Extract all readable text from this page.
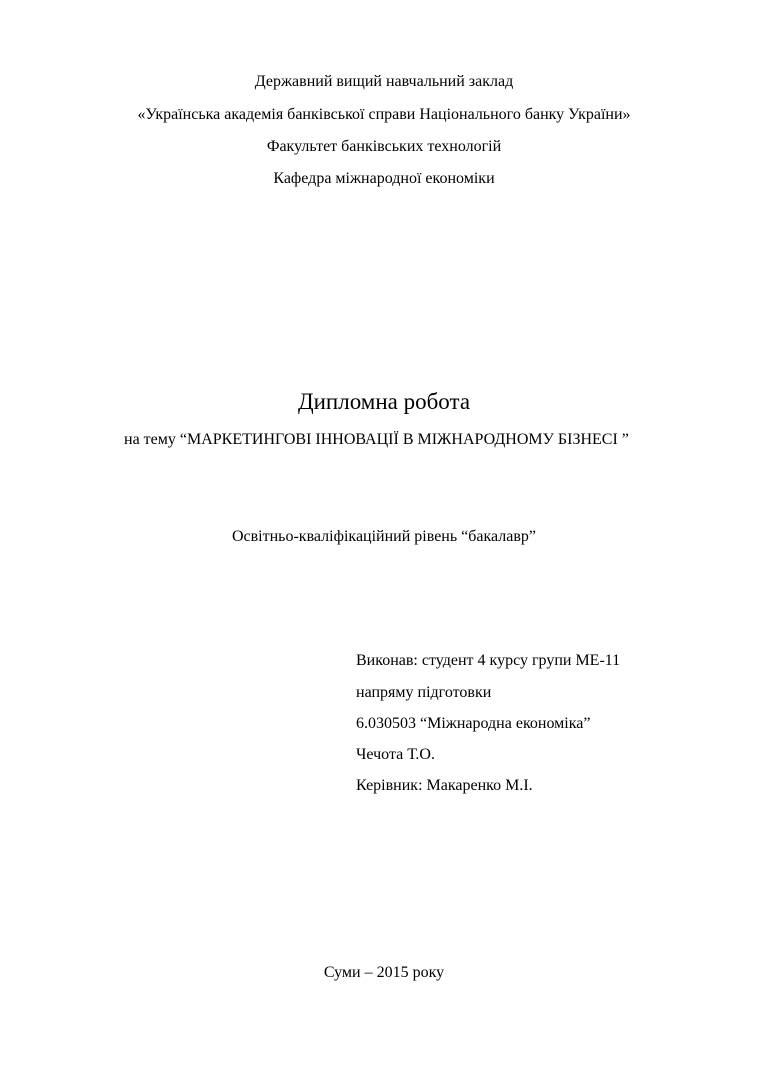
Державний вищий навчальний заклад
«Українська академія банківської справи Національного банку України»
Факультет банківських технологій
Кафедра міжнародної економіки
Дипломна робота
на тему “МАРКЕТИНГОВІ ІННОВАЦІЇ В МІЖНАРОДНОМУ БІЗНЕСІ ”
Освітньо-кваліфікаційний рівень “бакалавр”
Виконав: студент 4 курсу групи МЕ-11
напряму підготовки
6.030503 “Міжнародна економіка”
Чечота Т.О.
Керівник: Макаренко М.І.
Суми – 2015 року
